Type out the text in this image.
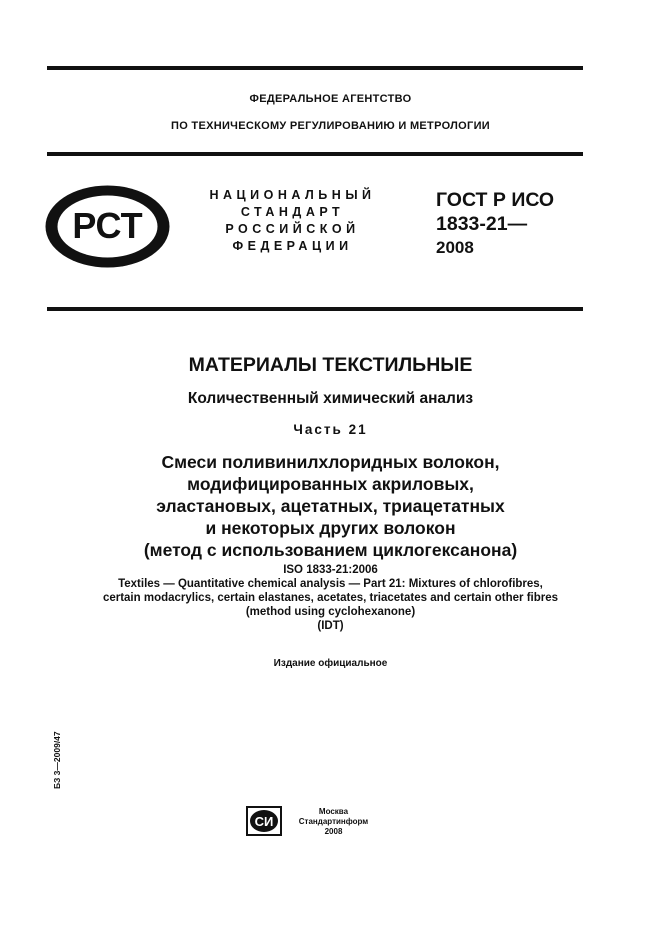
ФЕДЕРАЛЬНОЕ АГЕНТСТВО
ПО ТЕХНИЧЕСКОМУ РЕГУЛИРОВАНИЮ И МЕТРОЛОГИИ
РСТ
НАЦИОНАЛЬНЫЙ
СТАНДАРТ
РОССИЙСКОЙ
ФЕДЕРАЦИИ
ГОСТ Р ИСО
1833-21—
2008
МАТЕРИАЛЫ ТЕКСТИЛЬНЫЕ
Количественный химический анализ
Часть 21
Смеси поливинилхлоридных волокон,
модифицированных акриловых,
эластановых, ацетатных, триацетатных
и некоторых других волокон
(метод с использованием циклогексанона)
ISO 1833-21:2006
Textiles — Quantitative chemical analysis — Part 21: Mixtures of chlorofibres,
certain modacrylics, certain elastanes, acetates, triacetates and certain other fibres
(method using cyclohexanone)
(IDT)
Издание официальное
БЗ 3—2009/47
СИ
Москва
Стандартинформ
2008
